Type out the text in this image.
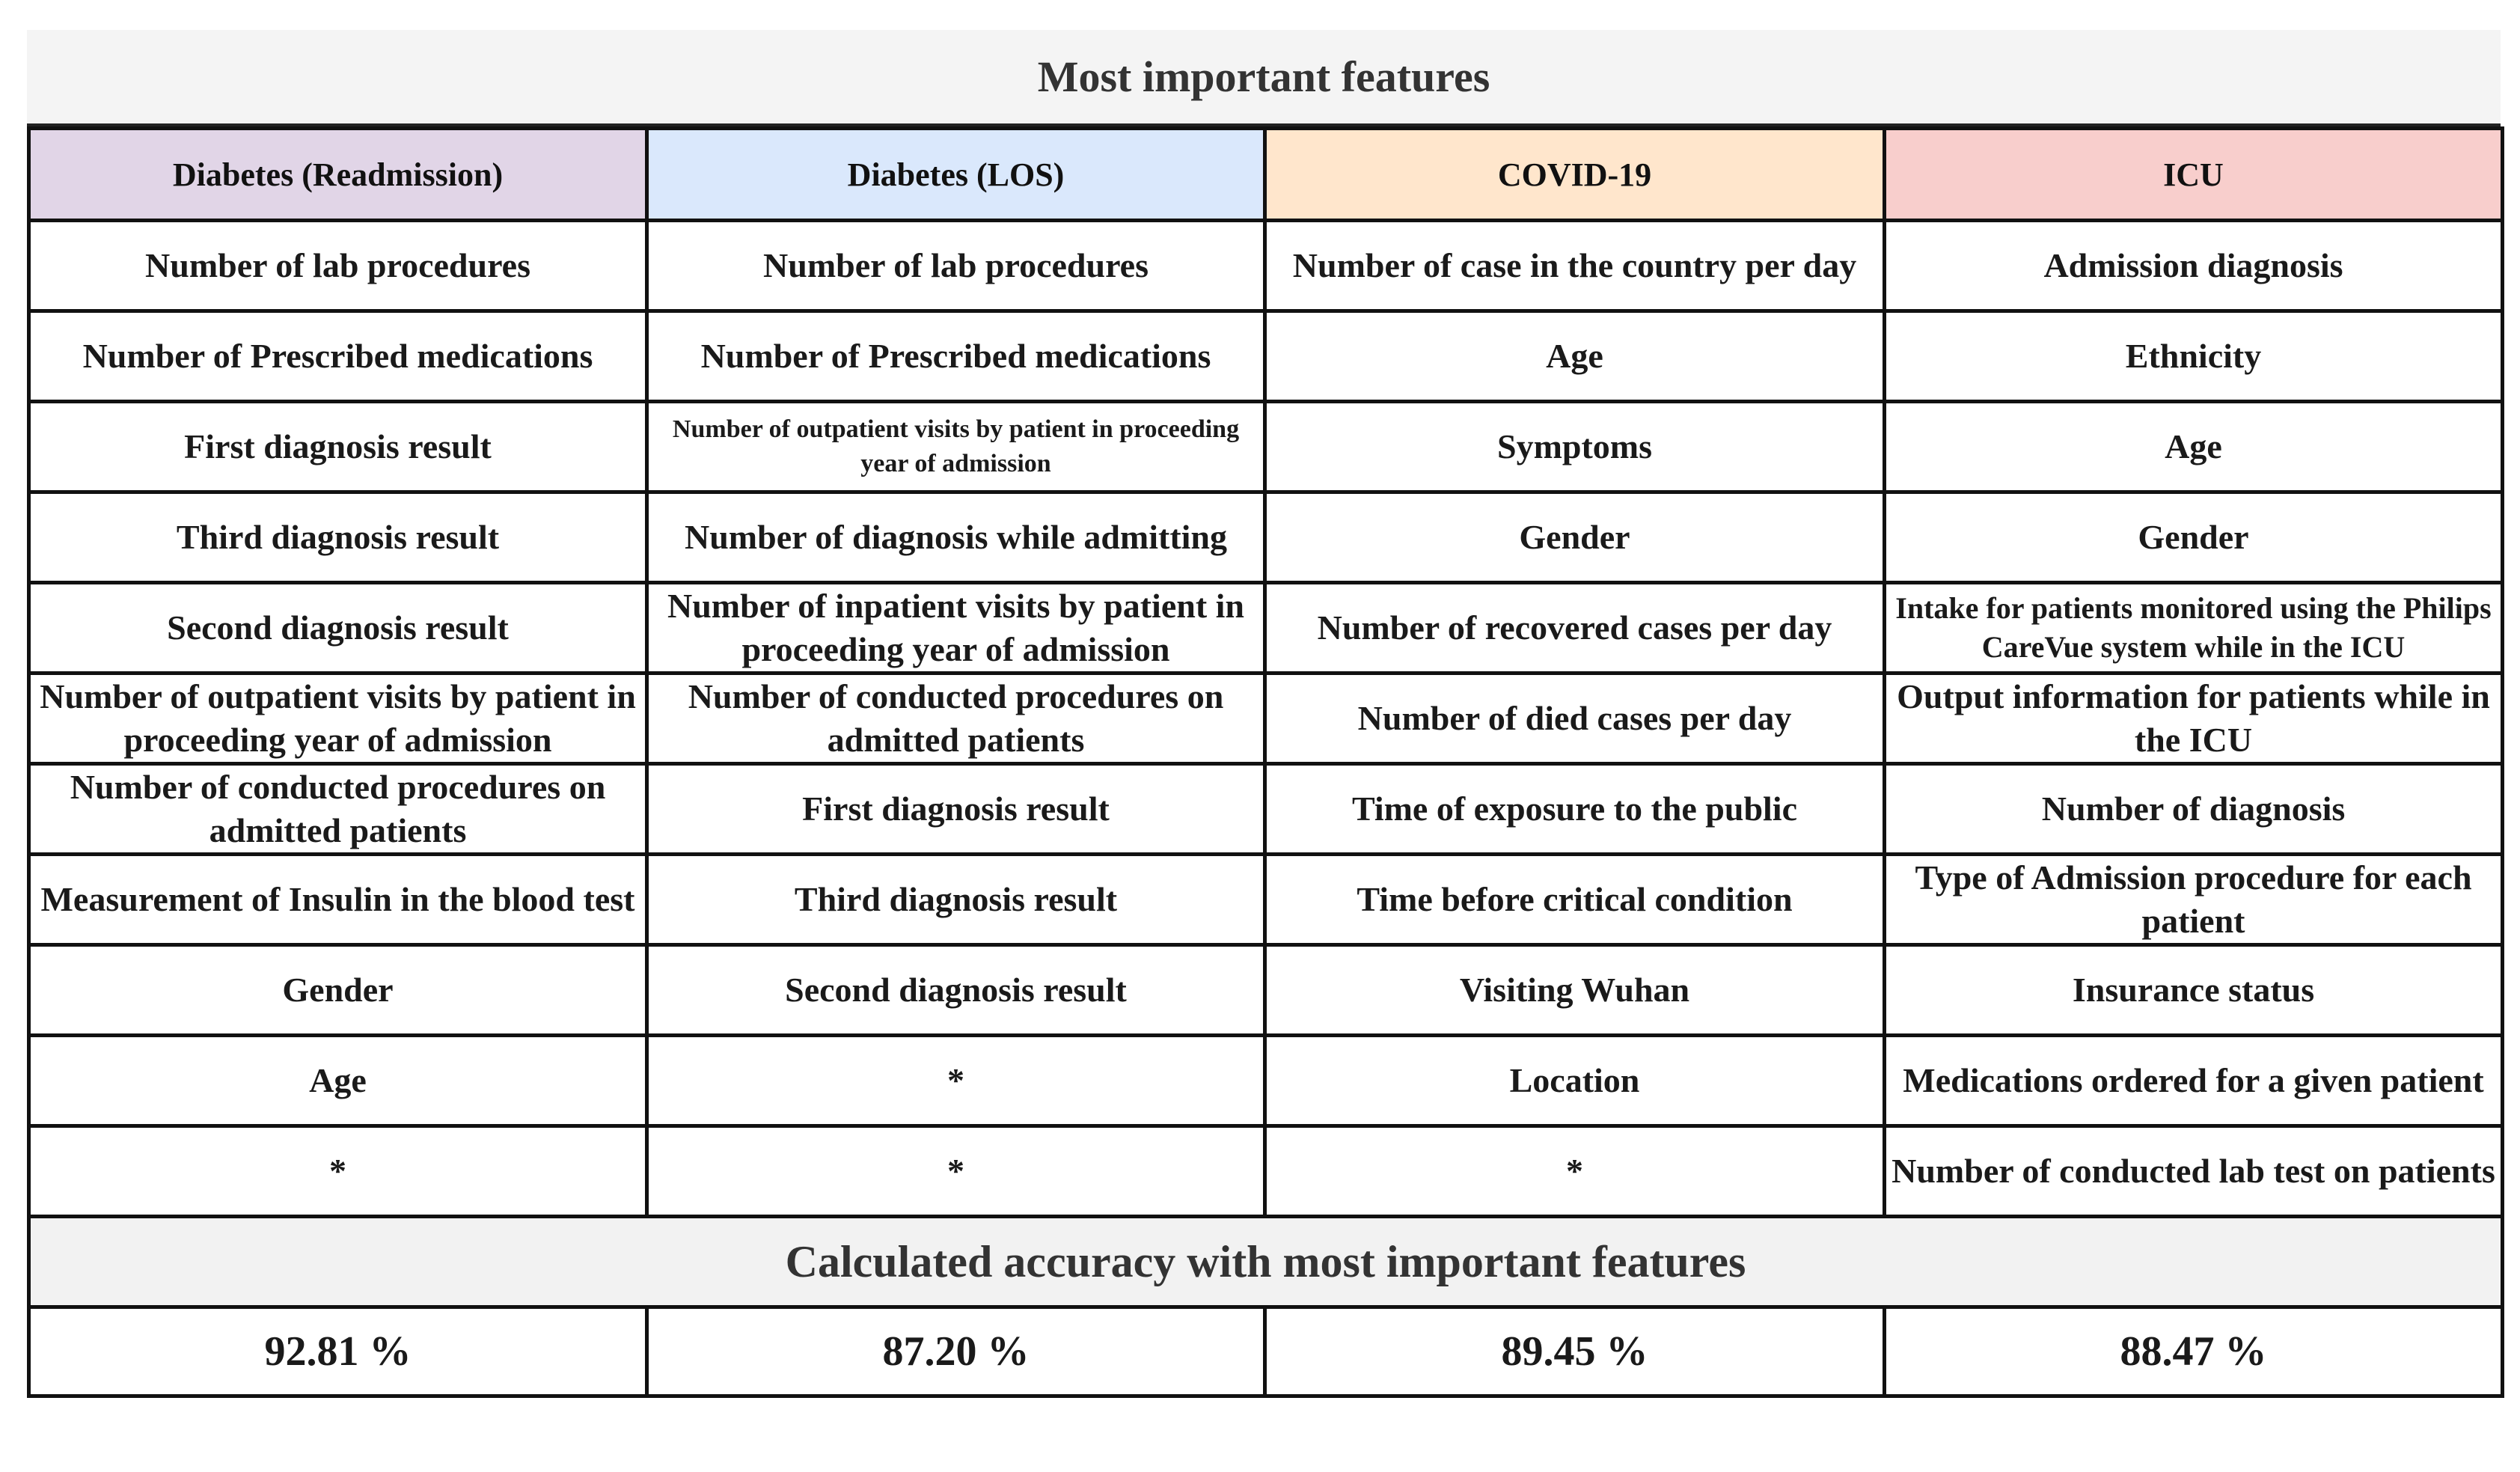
Most important features
Diabetes (Readmission)	Diabetes (LOS)	COVID-19	ICU
Number of lab procedures	Number of lab procedures	Number of case in the country per day	Admission diagnosis
Number of Prescribed medications	Number of Prescribed medications	Age	Ethnicity
First diagnosis result	Number of outpatient visits by patient in proceeding year of admission	Symptoms	Age
Third diagnosis result	Number of diagnosis while admitting	Gender	Gender
Second diagnosis result	Number of inpatient visits by patient in proceeding year of admission	Number of recovered cases per day	Intake for patients monitored using the Philips CareVue system while in the ICU
Number of outpatient visits by patient in proceeding year of admission	Number of conducted procedures on admitted patients	Number of died cases per day	Output information for patients while in the ICU
Number of conducted procedures on admitted patients	First diagnosis result	Time of exposure to the public	Number of diagnosis
Measurement of Insulin in the blood test	Third diagnosis result	Time before critical condition	Type of Admission procedure for each patient
Gender	Second diagnosis result	Visiting Wuhan	Insurance status
Age	*	Location	Medications ordered for a given patient
*	*	*	Number of conducted lab test on patients
Calculated accuracy with most important features			
92.81 %	87.20 %	89.45 %	88.47 %
